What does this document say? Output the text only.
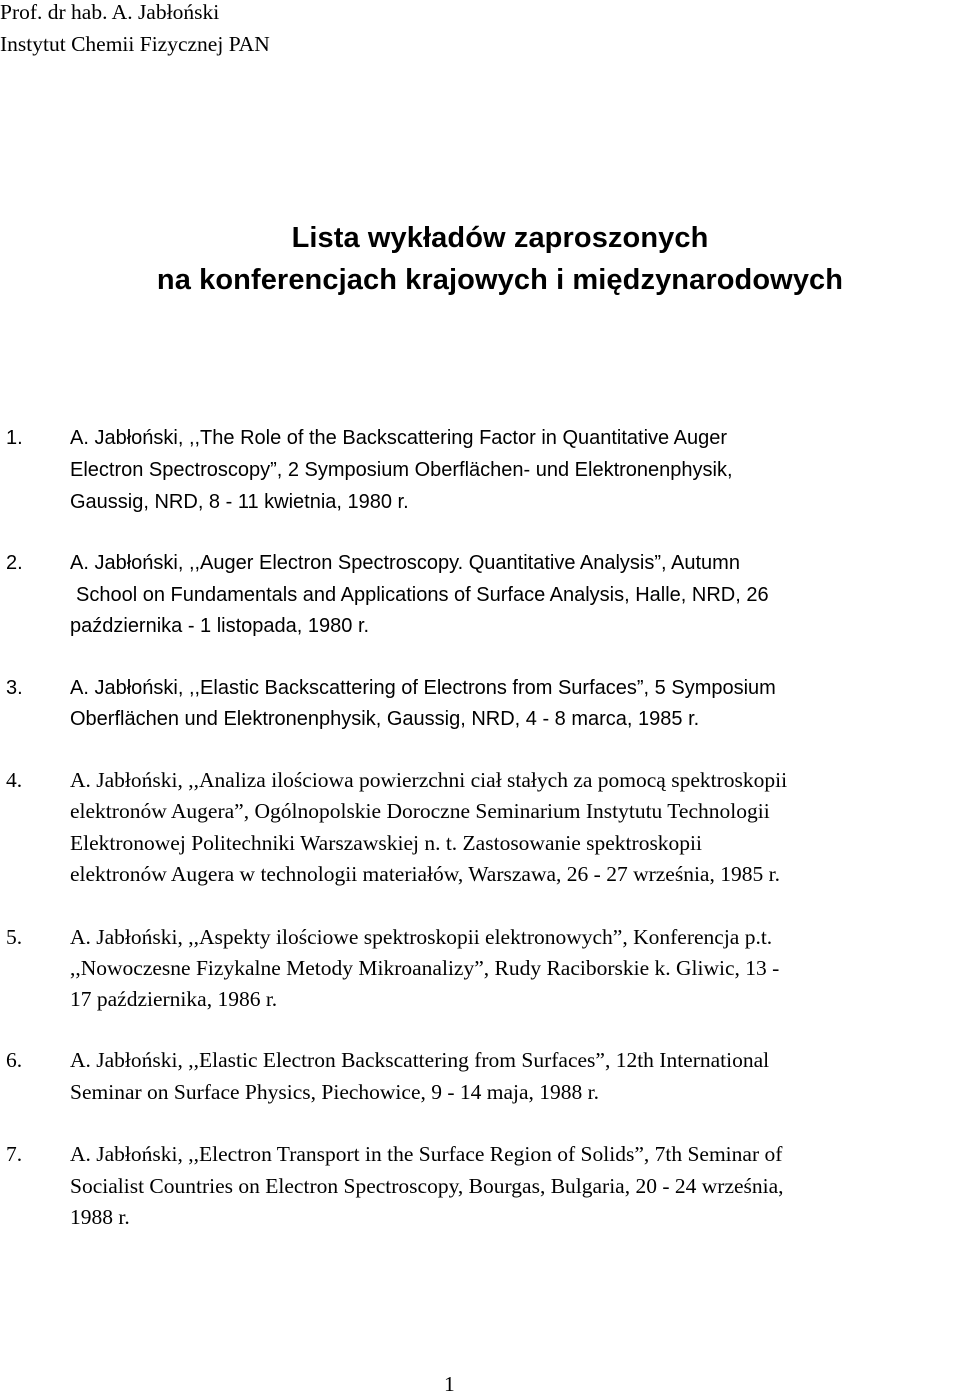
Prof. dr hab. A. Jabłoński

Instytut Chemii Fizycznej PAN

Lista wykładów zaproszonych
na konferencjach krajowych i międzynarodowych
1. A. Jabłoński, ,,The Role of the Backscattering Factor in Quantitative Auger
Electron Spectroscopy”, 2 Symposium Oberflächen- und Elektronenphysik,
Gaussig, NRD, 8 - 11 kwietnia, 1980 r.
2. A. Jabłoński, ,,Auger Electron Spectroscopy. Quantitative Analysis”, Autumn
School on Fundamentals and Applications of Surface Analysis, Halle, NRD, 26
października - 1 listopada, 1980 r.
3. A. Jabłoński, ,,Elastic Backscattering of Electrons from Surfaces”, 5 Symposium
Oberflächen und Elektronenphysik, Gaussig, NRD, 4 - 8 marca, 1985 r.
4. A. Jabłoński, ,,Analiza ilościowa powierzchni ciał stałych za pomocą spektroskopii
elektronów Augera”, Ogólnopolskie Doroczne Seminarium Instytutu Technologii
Elektronowej Politechniki Warszawskiej n. t. Zastosowanie spektroskopii
elektronów Augera w technologii materiałów, Warszawa, 26 - 27 września, 1985 r.
5. A. Jabłoński, ,,Aspekty ilościowe spektroskopii elektronowych”, Konferencja p.t.
,,Nowoczesne Fizykalne Metody Mikroanalizy”, Rudy Raciborskie k. Gliwic, 13 -
17 października, 1986 r.
6. A. Jabłoński, ,,Elastic Electron Backscattering from Surfaces”, 12th International
Seminar on Surface Physics, Piechowice, 9 - 14 maja, 1988 r.
7. A. Jabłoński, ,,Electron Transport in the Surface Region of Solids”, 7th Seminar of
Socialist Countries on Electron Spectroscopy, Bourgas, Bulgaria, 20 - 24 września,
1988 r.

1
